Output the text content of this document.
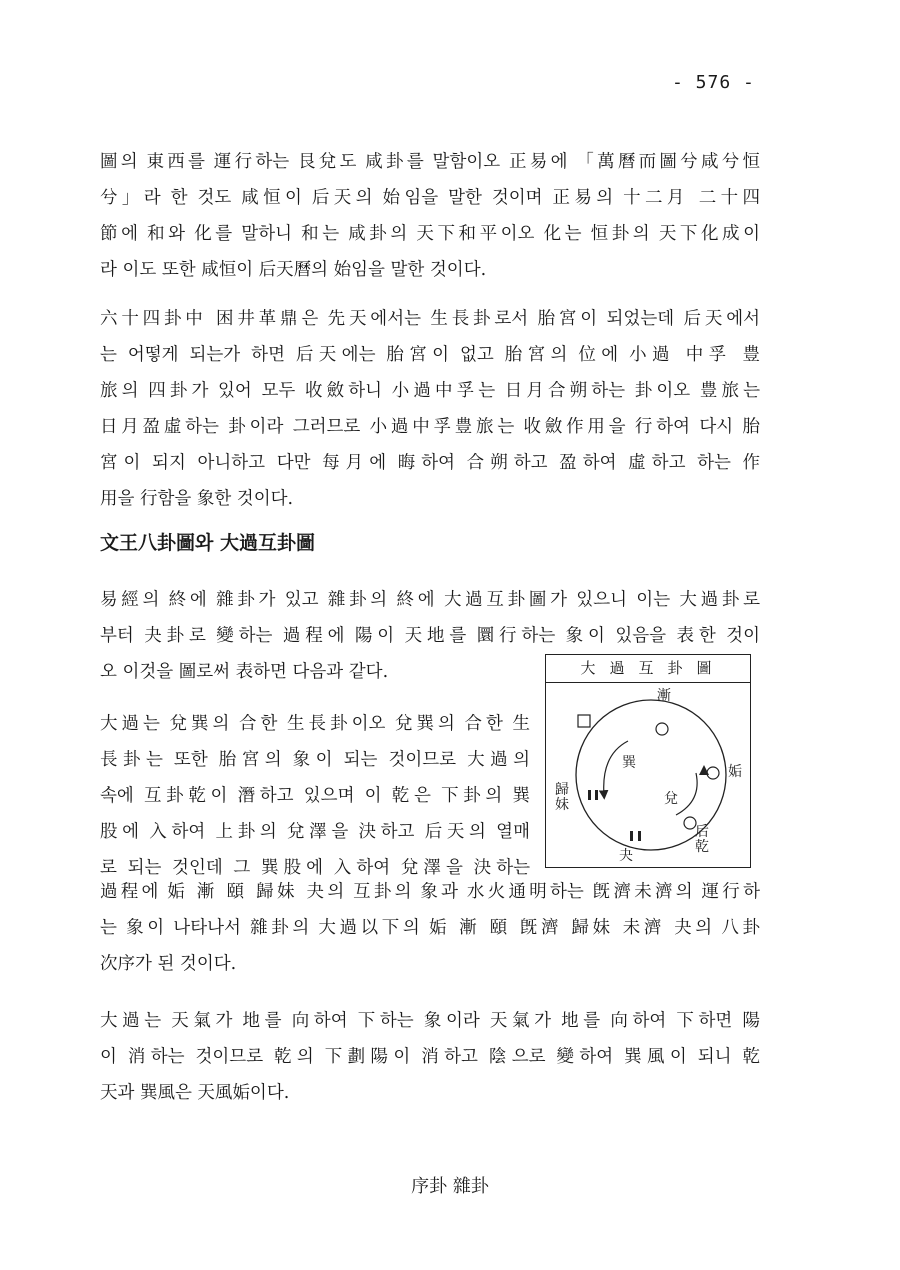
- 576 -
圖의 東西를 運行하는 艮兌도 咸卦를 말함이오 正易에 「萬曆而圖兮咸兮恒
兮」라 한 것도 咸恒이 后天의 始임을 말한 것이며 正易의 十二月 二十四
節에 和와 化를 말하니 和는 咸卦의 天下和平이오 化는 恒卦의 天下化成이
라 이도 또한 咸恒이 后天曆의 始임을 말한 것이다.
六十四卦中 困井革鼎은 先天에서는 生長卦로서 胎宮이 되었는데 后天에서
는 어떻게 되는가 하면 后天에는 胎宮이 없고 胎宮의 位에 小過 中孚 豊
旅의 四卦가 있어 모두 收斂하니 小過中孚는 日月合朔하는 卦이오 豊旅는
日月盈虛하는 卦이라 그러므로 小過中孚豊旅는 收斂作用을 行하여 다시 胎
宮이 되지 아니하고 다만 每月에 晦하여 合朔하고 盈하여 虛하고 하는 作
用을 行함을 象한 것이다.
文王八卦圖와 大過互卦圖
易經의 終에 雜卦가 있고 雜卦의 終에 大過互卦圖가 있으니 이는 大過卦로
부터 夬卦로 變하는 過程에 陽이 天地를 圜行하는 象이 있음을 表한 것이
오 이것을 圖로써 表하면 다음과 같다.
大過는 兌巽의 合한 生長卦이오 兌巽의 合한 生
長卦는 또한 胎宮의 象이 되는 것이므로 大過의
속에 互卦乾이 潛하고 있으며 이 乾은 下卦의 巽
股에 入하여 上卦의 兌澤을 決하고 后天의 열매
로 되는 것인데 그 巽股에 入하여 兌澤을 決하는
過程에 姤 漸 頤 歸妹 夬의 互卦의 象과 水火通明하는 旣濟未濟의 運行하
는 象이 나타나서 雜卦의 大過以下의 姤 漸 頤 旣濟 歸妹 未濟 夬의 八卦
次序가 된 것이다.
大過는 天氣가 地를 向하여 下하는 象이라 天氣가 地를 向하여 下하면 陽
이 消하는 것이므로 乾의 下劃陽이 消하고 陰으로 變하여 巽風이 되니 乾
天과 巽風은 天風姤이다.
大過互卦圖
漸
歸妹
姤
巽
兌
后乾
夬
序卦 雜卦
